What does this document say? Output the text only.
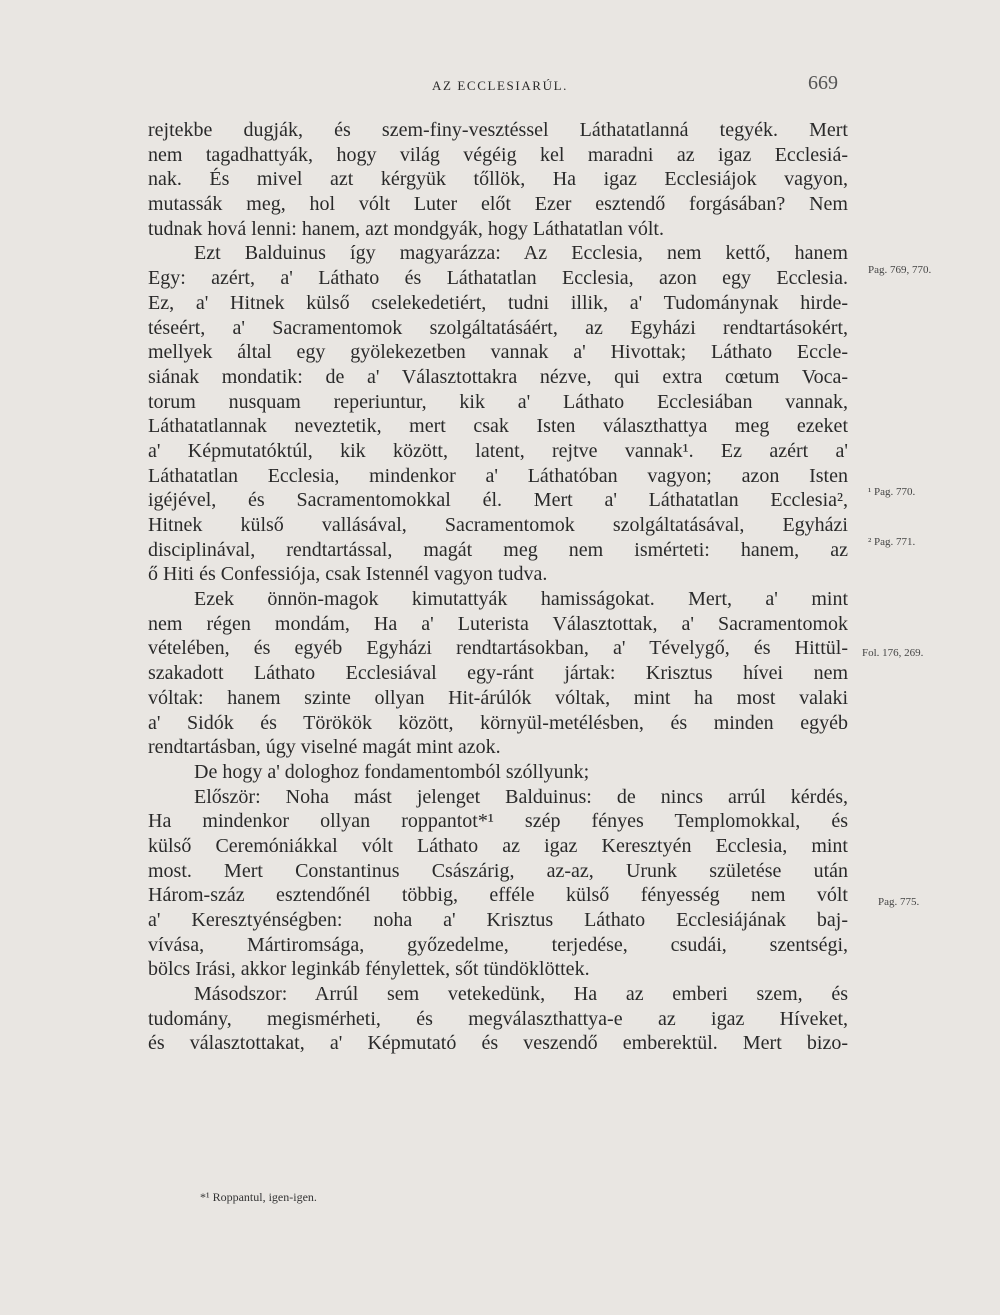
AZ ECCLESIARÚL.	669
rejtekbe dugják, és szem-finy-vesztéssel Láthatatlanná tegyék. Mert
nem tagadhattyák, hogy világ végéig kel maradni az igaz Ecclesiá-
nak. És mivel azt kérgyük tőllök, Ha igaz Ecclesiájok vagyon,
mutassák meg, hol vólt Luter előt Ezer esztendő forgásában? Nem
tudnak hová lenni: hanem, azt mondgyák, hogy Láthatatlan vólt.
Ezt Balduinus így magyarázza: Az Ecclesia, nem kettő, hanem
Egy: azért, a' Láthato és Láthatatlan Ecclesia, azon egy Ecclesia.
Ez, a' Hitnek külső cselekedetiért, tudni illik, a' Tudománynak hirde-
téseért, a' Sacramentomok szolgáltatásáért, az Egyházi rendtartásokért,
mellyek által egy gyölekezetben vannak a' Hivottak; Láthato Eccle-
siának mondatik: de a' Választottakra nézve, qui extra cœtum Voca-
torum nusquam reperiuntur, kik a' Láthato Ecclesiában vannak,
Láthatatlannak neveztetik, mert csak Isten választhattya meg ezeket
a' Képmutatóktúl, kik között, latent, rejtve vannak¹. Ez azért a'
Láthatatlan Ecclesia, mindenkor a' Láthatóban vagyon; azon Isten
igéjével, és Sacramentomokkal él. Mert a' Láthatatlan Ecclesia²,
Hitnek külső vallásával, Sacramentomok szolgáltatásával, Egyházi
disciplinával, rendtartással, magát meg nem ismérteti: hanem, az
ő Hiti és Confessiója, csak Istennél vagyon tudva.
Ezek önnön-magok kimutattyák hamisságokat. Mert, a' mint
nem régen mondám, Ha a' Luterista Választottak, a' Sacramentomok
vételében, és egyéb Egyházi rendtartásokban, a' Tévelygő, és Hittül-
szakadott Láthato Ecclesiával egy-ránt jártak: Krisztus hívei nem
vóltak: hanem szinte ollyan Hit-árúlók vóltak, mint ha most valaki
a' Sidók és Törökök között, környül-metélésben, és minden egyéb
rendtartásban, úgy viselné magát mint azok.
De hogy a' dologhoz fondamentomból szóllyunk;
Először: Noha mást jelenget Balduinus: de nincs arrúl kérdés,
Ha mindenkor ollyan roppantot*¹ szép fényes Templomokkal, és
külső Ceremóniákkal vólt Láthato az igaz Keresztyén Ecclesia, mint
most. Mert Constantinus Császárig, az-az, Urunk születése után
Három-száz esztendőnél többig, efféle külső fényesség nem vólt
a' Keresztyénségben: noha a' Krisztus Láthato Ecclesiájának baj-
vívása, Mártiromsága, győzedelme, terjedése, csudái, szentségi,
bölcs Irási, akkor leginkáb fénylettek, sőt tündöklöttek.
Másodszor: Arrúl sem vetekedünk, Ha az emberi szem, és
tudomány, megismérheti, és megválaszthattya-e az igaz Híveket,
és választottakat, a' Képmutató és veszendő emberektül. Mert bizo-
Pag. 769, 770.
¹ Pag. 770.
² Pag. 771.
Fol. 176, 269.
Pag. 775.
*¹ Roppantul, igen-igen.
